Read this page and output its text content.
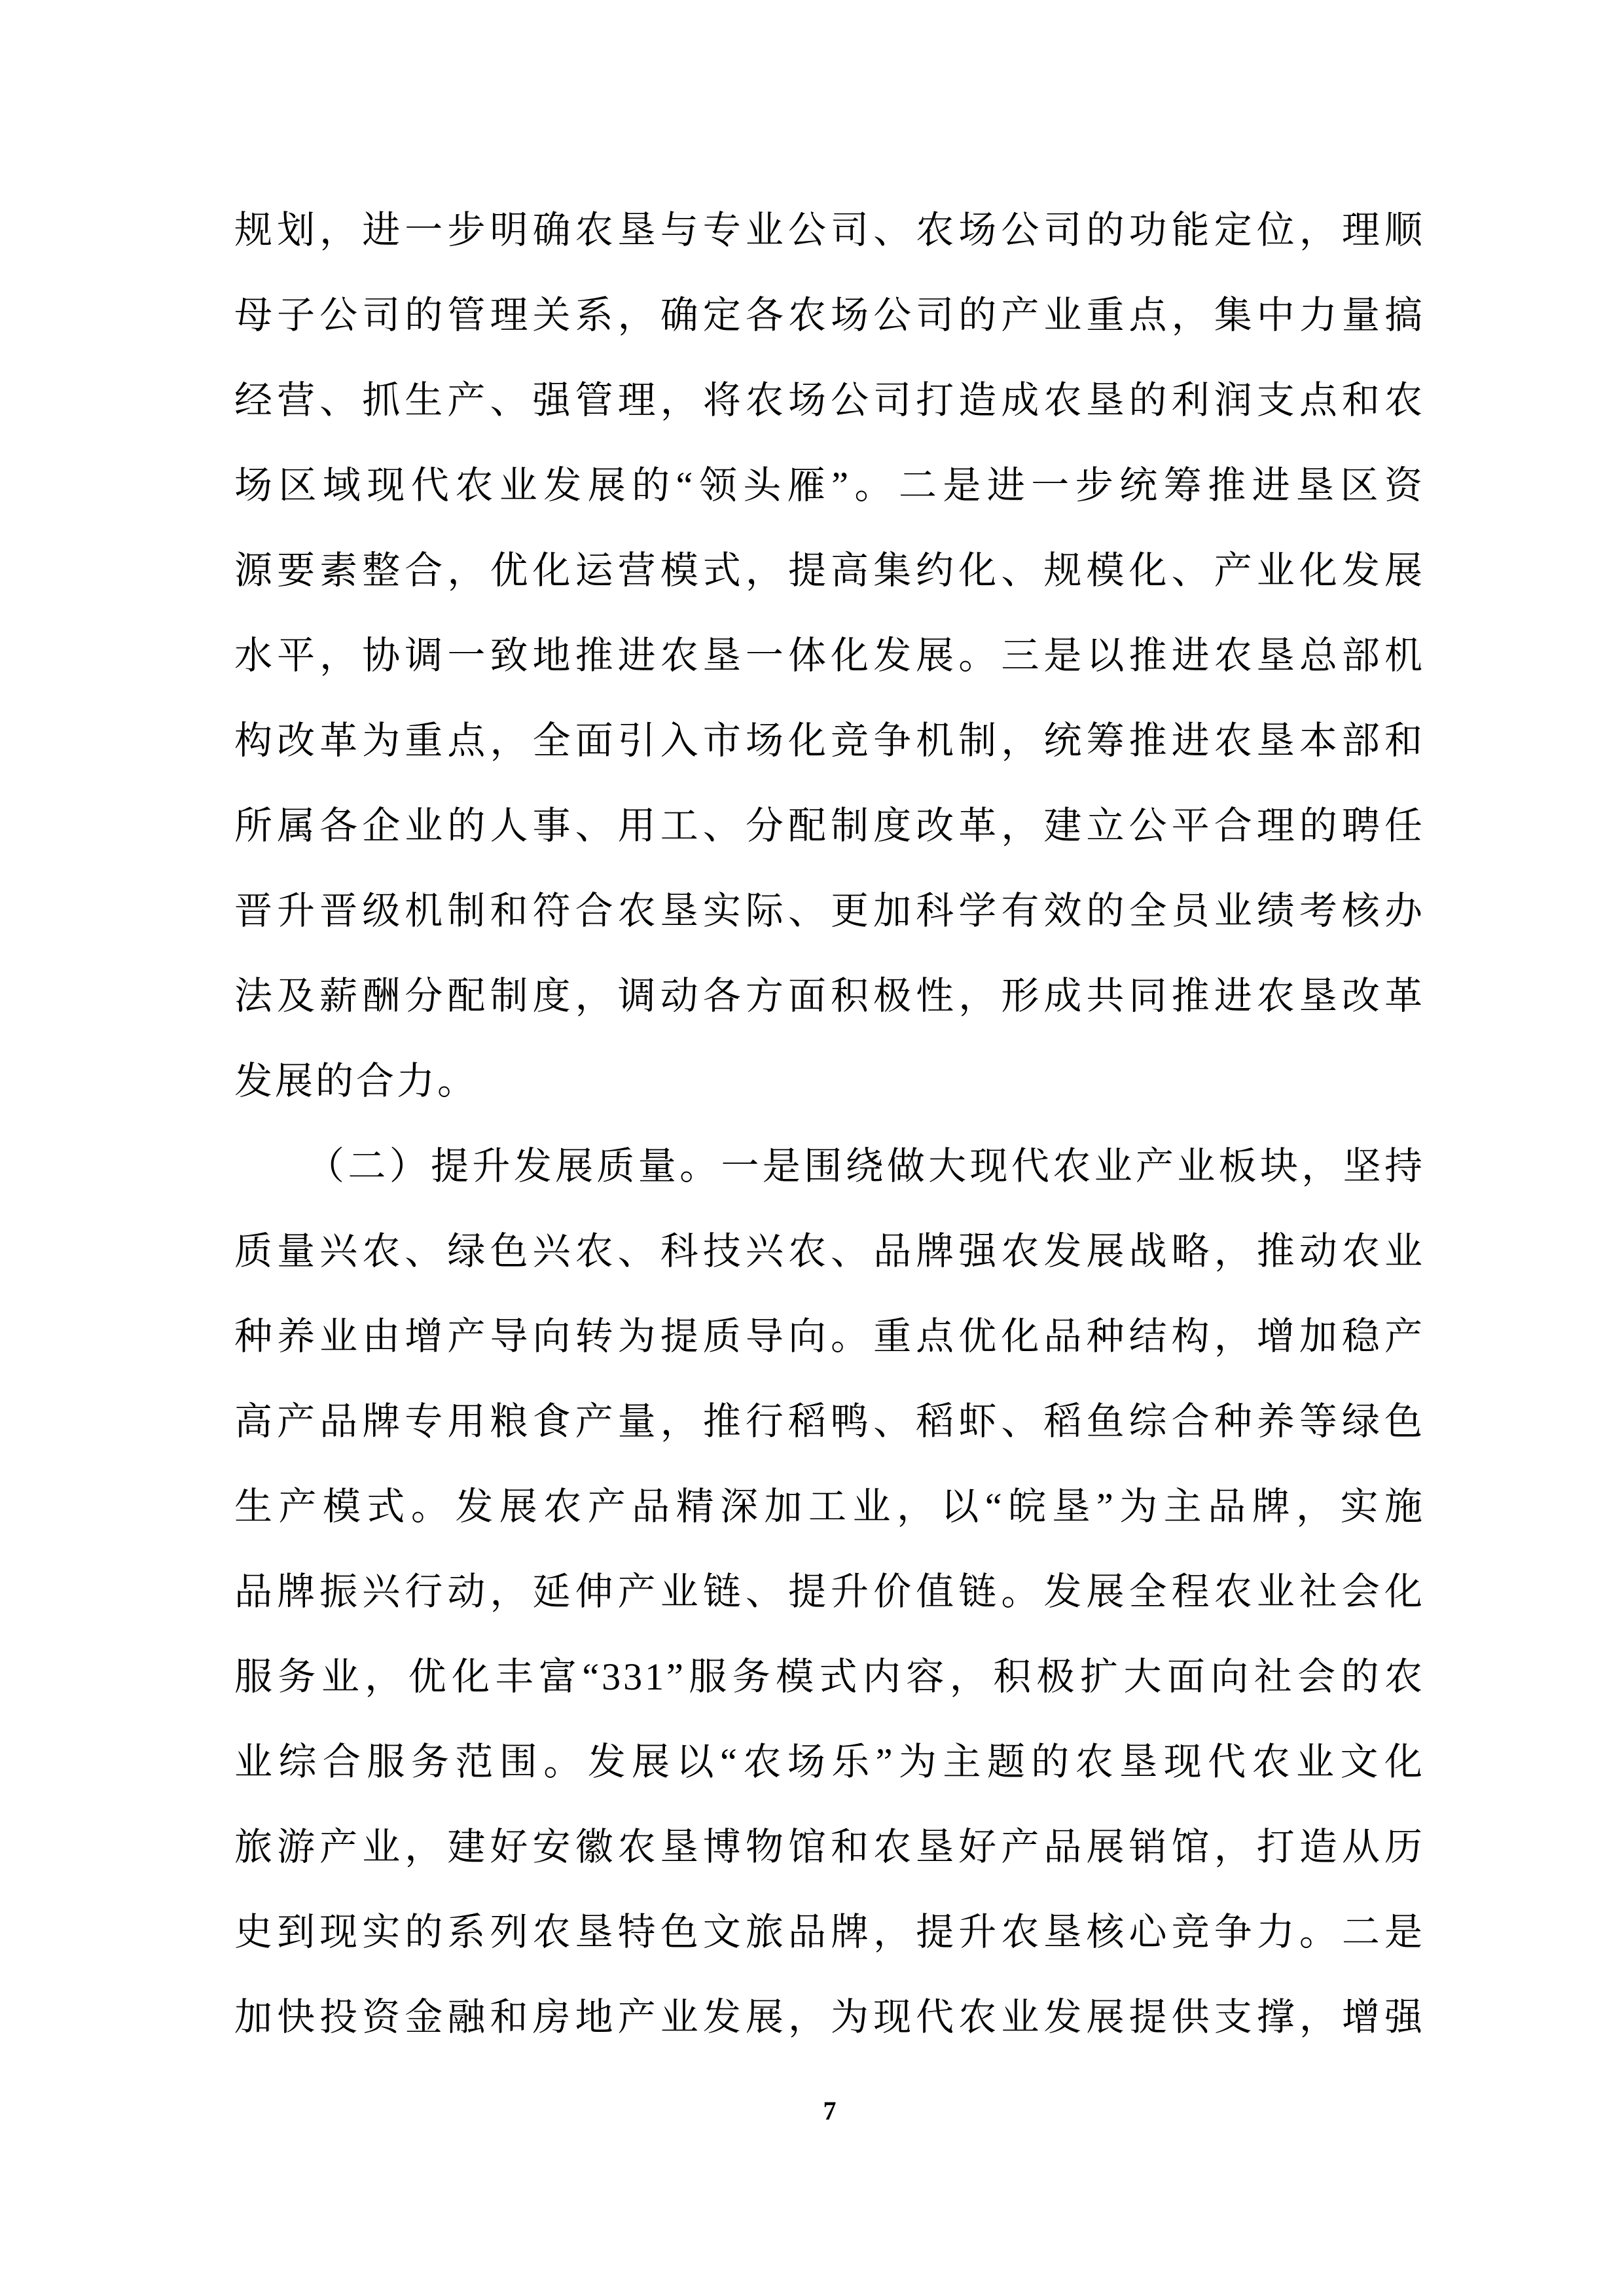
规划，进一步明确农垦与专业公司、农场公司的功能定位，理顺

母子公司的管理关系，确定各农场公司的产业重点，集中力量搞

经营、抓生产、强管理，将农场公司打造成农垦的利润支点和农

场区域现代农业发展的“领头雁”。二是进一步统筹推进垦区资

源要素整合，优化运营模式，提高集约化、规模化、产业化发展

水平，协调一致地推进农垦一体化发展。三是以推进农垦总部机

构改革为重点，全面引入市场化竞争机制，统筹推进农垦本部和

所属各企业的人事、用工、分配制度改革，建立公平合理的聘任

晋升晋级机制和符合农垦实际、更加科学有效的全员业绩考核办

法及薪酬分配制度，调动各方面积极性，形成共同推进农垦改革

发展的合力。

（二）提升发展质量。一是围绕做大现代农业产业板块，坚持

质量兴农、绿色兴农、科技兴农、品牌强农发展战略，推动农业

种养业由增产导向转为提质导向。重点优化品种结构，增加稳产

高产品牌专用粮食产量，推行稻鸭、稻虾、稻鱼综合种养等绿色

生产模式。发展农产品精深加工业，以“皖垦”为主品牌，实施

品牌振兴行动，延伸产业链、提升价值链。发展全程农业社会化

服务业，优化丰富“331”服务模式内容，积极扩大面向社会的农

业综合服务范围。发展以“农场乐”为主题的农垦现代农业文化

旅游产业，建好安徽农垦博物馆和农垦好产品展销馆，打造从历

史到现实的系列农垦特色文旅品牌，提升农垦核心竞争力。二是

加快投资金融和房地产业发展，为现代农业发展提供支撑，增强

7
